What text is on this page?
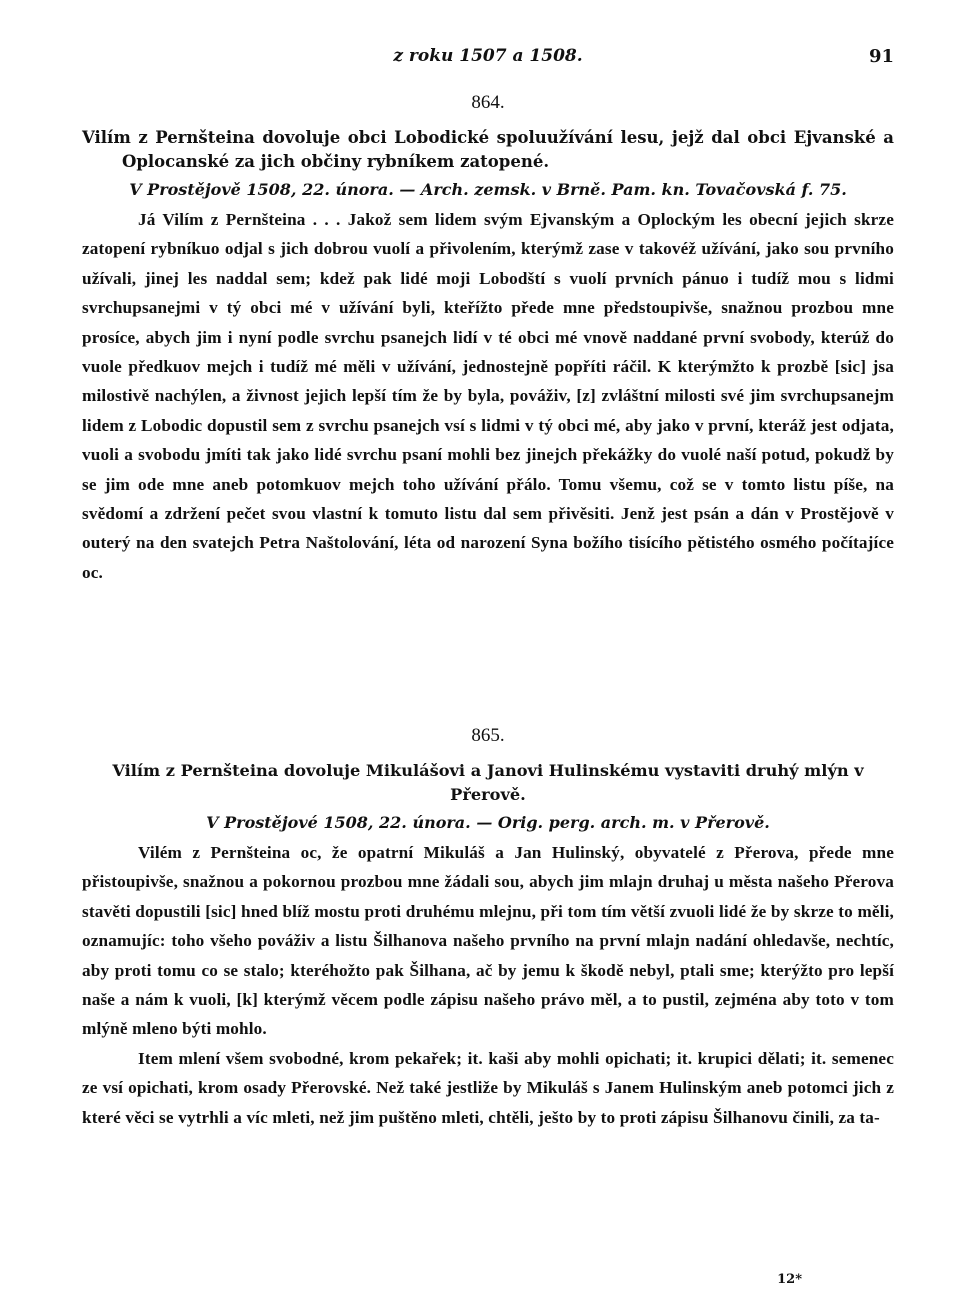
z roku 1507 a 1508.	91
864.
Vilím z Pernšteina dovoluje obci Lobodické spoluužívání lesu, jejž dal obci Ejvanské a Oplocanské za jich občiny rybníkem zatopené.
V Prostějově 1508, 22. února. — Arch. zemsk. v Brně. Pam. kn. Tovačovská f. 75.
Já Vilím z Pernšteina . . . Jakož sem lidem svým Ejvanským a Oplockým les obecní jejich skrze zatopení rybníkuo odjal s jich dobrou vuolí a přivolením, kterýmž zase v takovéž užívání, jako sou prvního užívali, jinej les naddal sem; kdež pak lidé moji Lobodští s vuolí prvních pánuo i tudíž mou s lidmi svrchupsanejmi v tý obci mé v užívání byli, kteřížto přede mne předstoupivše, snažnou prozbou mne prosíce, abych jim i nyní podle svrchu psanejch lidí v té obci mé vnově naddané první svobody, kterúž do vuole předkuov mejch i tudíž mé měli v užívání, jednostejně popříti ráčil. K kterýmžto k prozbě [sic] jsa milostivě nachýlen, a živnost jejich lepší tím že by byla, pováživ, [z] zvláštní milosti své jim svrchupsanejm lidem z Lobodic dopustil sem z svrchu psanejch vsí s lidmi v tý obci mé, aby jako v první, kteráž jest odjata, vuoli a svobodu jmíti tak jako lidé svrchu psaní mohli bez jinejch překážky do vuolé naší potud, pokudž by se jim ode mne aneb potomkuov mejch toho užívání přálo. Tomu všemu, což se v tomto listu píše, na svědomí a zdržení pečet svou vlastní k tomuto listu dal sem přivěsiti. Jenž jest psán a dán v Prostějově v outerý na den svatejch Petra Naštolování, léta od narození Syna božího tisícího pětistého osmého počítajíce oc.
865.
Vilím z Pernšteina dovoluje Mikulášovi a Janovi Hulinskému vystaviti druhý mlýn v Přerově.
V Prostějové 1508, 22. února. — Orig. perg. arch. m. v Přerově.
Vilém z Pernšteina oc, že opatrní Mikuláš a Jan Hulinský, obyvatelé z Přerova, přede mne přistoupivše, snažnou a pokornou prozbou mne žádali sou, abych jim mlajn druhaj u města našeho Přerova stavěti dopustili [sic] hned blíž mostu proti druhému mlejnu, při tom tím větší zvuoli lidé že by skrze to měli, oznamujíc: toho všeho pováživ a listu Šilhanova našeho prvního na první mlajn nadání ohledavše, nechtíc, aby proti tomu co se stalo; kteréhožto pak Šilhana, ač by jemu k škodě nebyl, ptali sme; kterýžto pro lepší naše a nám k vuoli, [k] kterýmž věcem podle zápisu našeho právo měl, a to pustil, zejména aby toto v tom mlýně mleno býti mohlo.
Item mlení všem svobodné, krom pekařek; it. kaši aby mohli opichati; it. krupici dělati; it. semenec ze vsí opichati, krom osady Přerovské. Než také jestliže by Mikuláš s Janem Hulinským aneb potomci jich z které věci se vytrhli a víc mleti, než jim puštěno mleti, chtěli, ješto by to proti zápisu Šilhanovu činili, za ta-
12*
